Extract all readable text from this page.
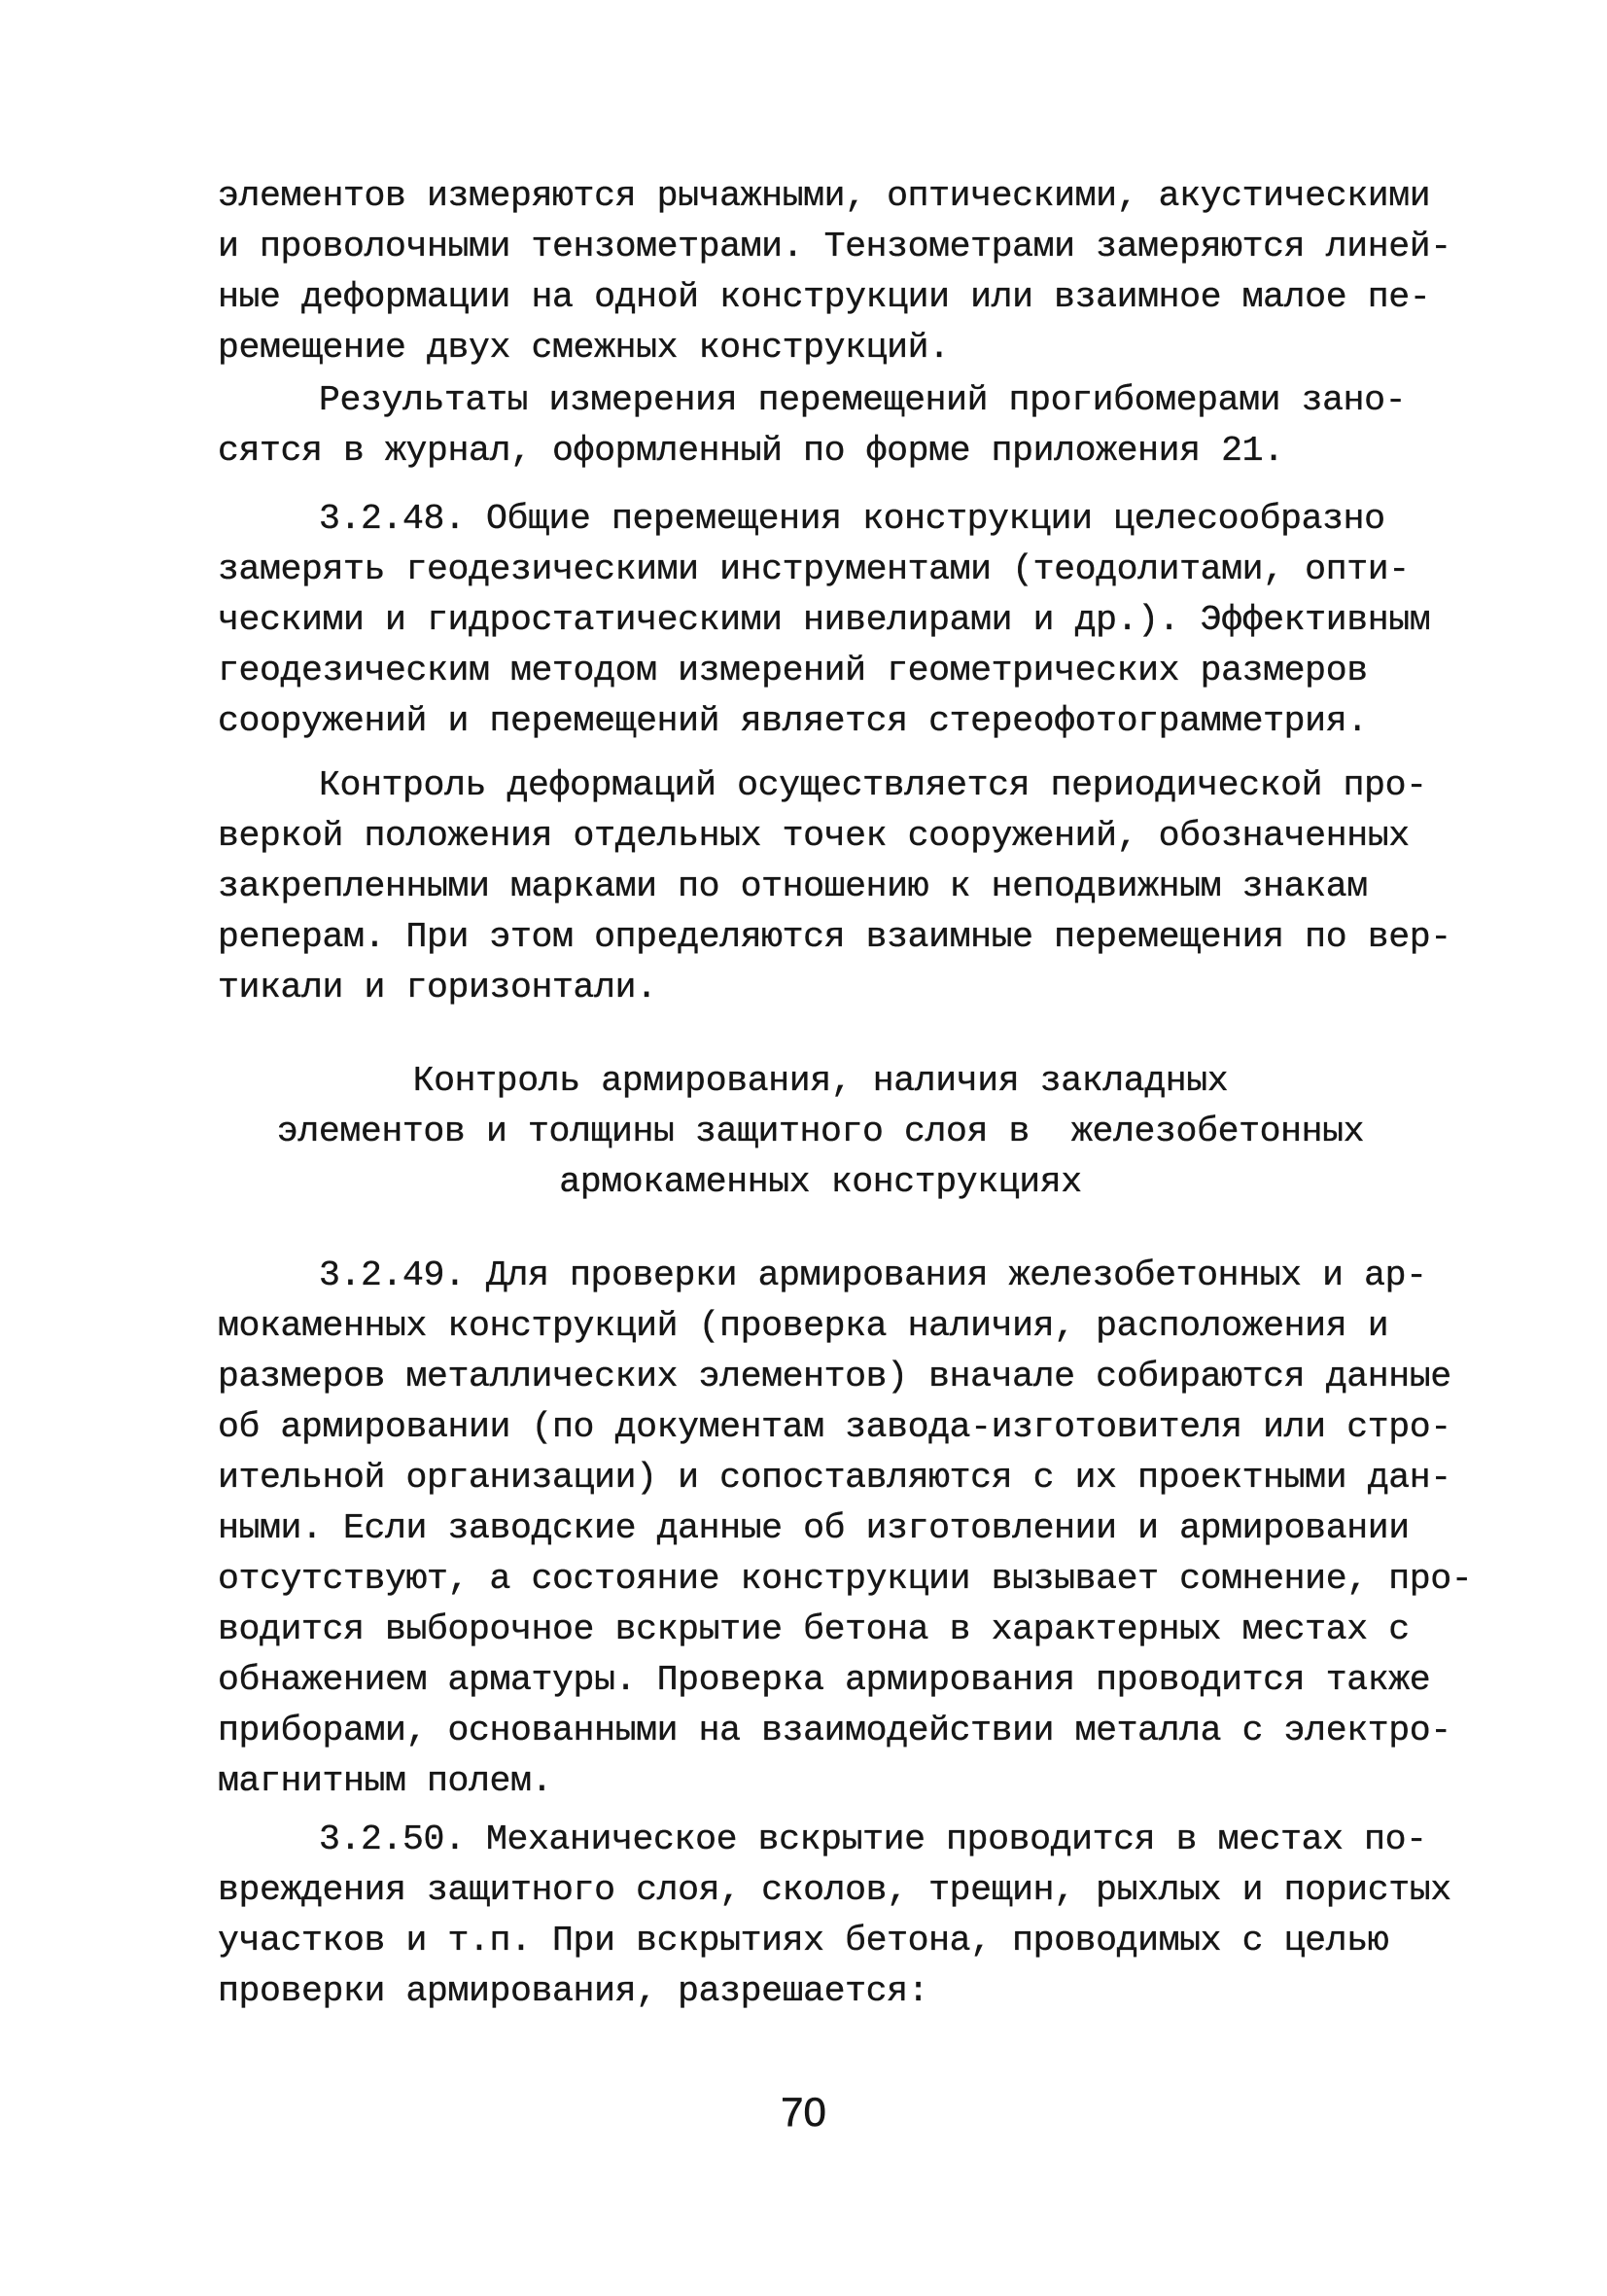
элементов измеряются рычажными, оптическими, акустическими
и проволочными тензометрами. Тензометрами замеряются линей-
ные деформации на одной конструкции или взаимное малое пе-
ремещение двух смежных конструкций.
Результаты измерения перемещений прогибомерами зано-
сятся в журнал, оформленный по форме приложения 21.
3.2.48. Общие перемещения конструкции целесообразно
замерять геодезическими инструментами (теодолитами, опти-
ческими и гидростатическими нивелирами и др.). Эффективным
геодезическим методом измерений геометрических размеров
сооружений и перемещений является стереофотограмметрия.
Контроль деформаций осуществляется периодической про-
веркой положения отдельных точек сооружений, обозначенных
закрепленными марками по отношению к неподвижным знакам
реперам. При этом определяются взаимные перемещения по вер-
тикали и горизонтали.
Контроль армирования, наличия закладных
элементов и толщины защитного слоя в  железобетонных
армокаменных конструкциях
3.2.49. Для проверки армирования железобетонных и ар-
мокаменных конструкций (проверка наличия, расположения и
размеров металлических элементов) вначале собираются данные
об армировании (по документам завода-изготовителя или стро-
ительной организации) и сопоставляются с их проектными дан-
ными. Если заводские данные об изготовлении и армировании
отсутствуют, а состояние конструкции вызывает сомнение, про-
водится выборочное вскрытие бетона в характерных местах с
обнажением арматуры. Проверка армирования проводится также
приборами, основанными на взаимодействии металла с электро-
магнитным полем.
3.2.50. Механическое вскрытие проводится в местах по-
вреждения защитного слоя, сколов, трещин, рыхлых и пористых
участков и т.п. При вскрытиях бетона, проводимых с целью
проверки армирования, разрешается:
70
